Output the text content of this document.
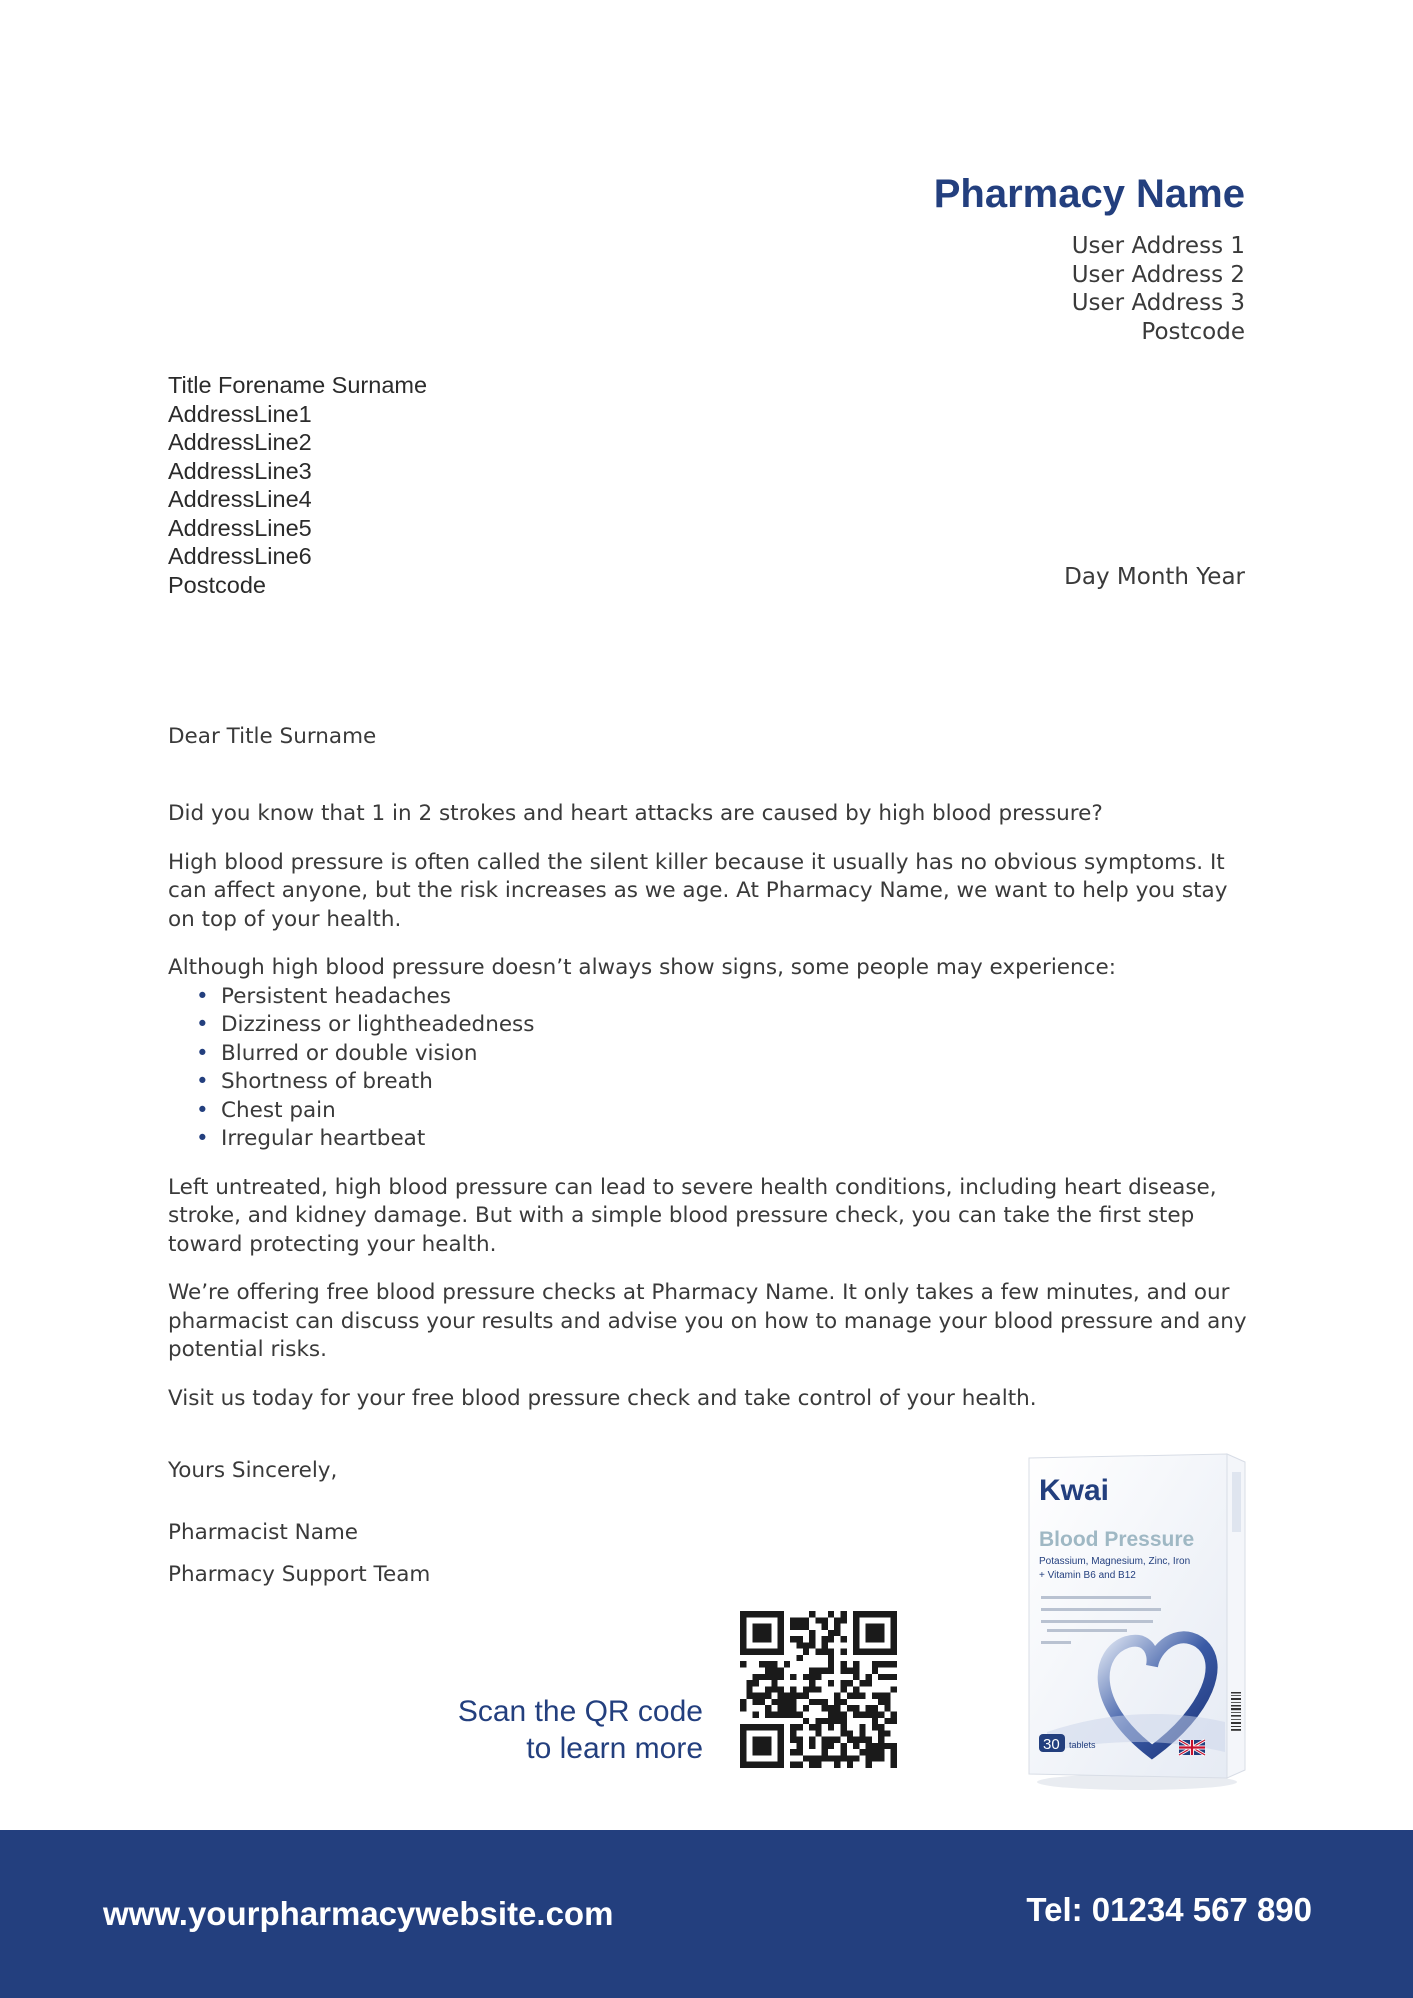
Pharmacy Name
User Address 1
User Address 2
User Address 3
Postcode
Title Forename Surname
AddressLine1
AddressLine2
AddressLine3
AddressLine4
AddressLine5
AddressLine6
Postcode	Day Month Year
Dear Title Surname

Did you know that 1 in 2 strokes and heart attacks are caused by high blood pressure?

High blood pressure is often called the silent killer because it usually has no obvious symptoms. It can affect anyone, but the risk increases as we age. At Pharmacy Name, we want to help you stay on top of your health.

Although high blood pressure doesn’t always show signs, some people may experience:

• Persistent headaches
• Dizziness or lightheadedness
• Blurred or double vision
• Shortness of breath
• Chest pain
• Irregular heartbeat

Left untreated, high blood pressure can lead to severe health conditions, including heart disease, stroke, and kidney damage. But with a simple blood pressure check, you can take the first step toward protecting your health.

We’re offering free blood pressure checks at Pharmacy Name. It only takes a few minutes, and our pharmacist can discuss your results and advise you on how to manage your blood pressure and any potential risks.

Visit us today for your free blood pressure check and take control of your health.

Yours Sincerely,
Pharmacist Name
Pharmacy Support Team
Scan the QR code
to learn more
Kwai
Blood Pressure
Potassium, Magnesium, Zinc, Iron
+ Vitamin B6 and B12
30 tablets
www.yourpharmacywebsite.com	Tel: 01234 567 890
